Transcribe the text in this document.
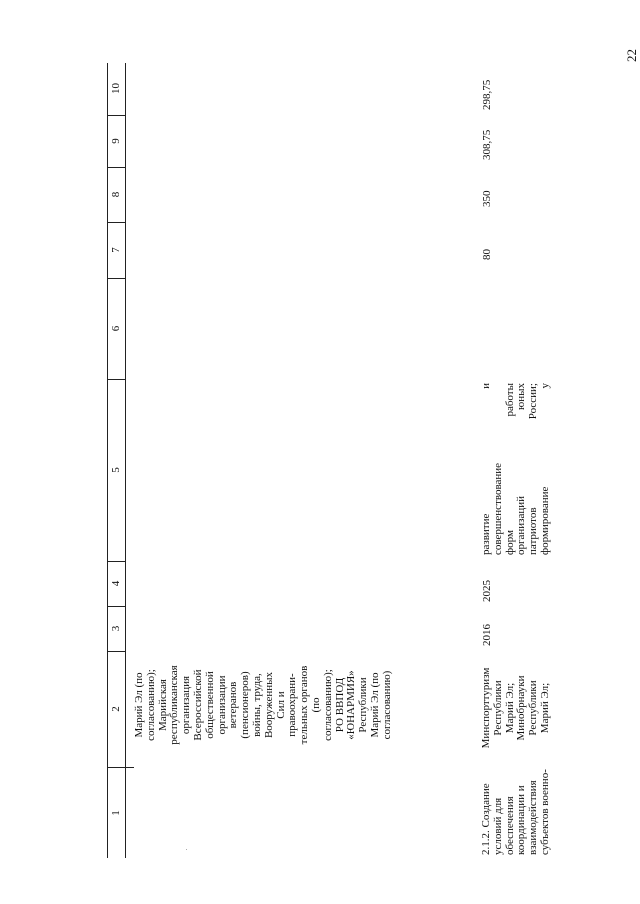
22
1
2
3
4
5
6
7
8
9
10
Марий Эл (по согласованию); Марийская республиканская организация Всероссийской общественной организации ветеранов (пенсионеров) войны, труда, Вооруженных Сил и правоохрани- тельных органов (по согласованию); РО ВВПОД «ЮНАРМИЯ» Республики Марий Эл (по согласованию)
2.1.2. Создание условий для обеспечения координации и взаимодействия субъектов военно-
Минспорттуризм Республики Марий Эл; Минобрнауки Республики Марий Эл;
2016
2025
развитие                              и совершенствование форм                       работы организаций                юных патриотов            России; формирование                 у
80
350
308,75
298,75
